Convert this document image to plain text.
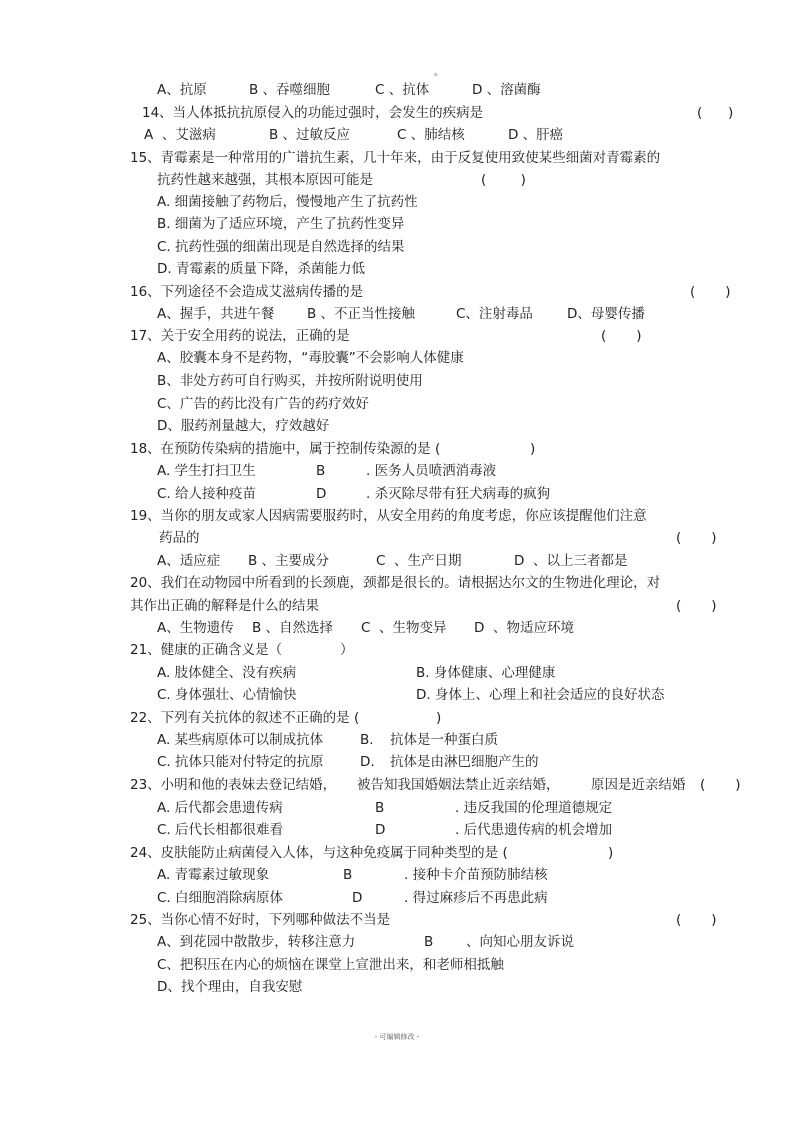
。
A、抗原	B 、吞噬细胞	C 、抗体	D 、溶菌酶
14、当人体抵抗抗原侵入的功能过强时，会发生的疾病是	(      )
A  、艾滋病	B 、过敏反应	C 、肺结核	D 、肝癌
15、青霉素是一种常用的广谱抗生素，几十年来，由于反复使用致使某些细菌对青霉素的
抗药性越来越强，其根本原因可能是	(        )
A. 细菌接触了药物后，慢慢地产生了抗药性
B. 细菌为了适应环境，产生了抗药性变异
C. 抗药性强的细菌出现是自然选择的结果
D. 青霉素的质量下降，杀菌能力低
16、下列途径不会造成艾滋病传播的是	(       )
A、握手，共进午餐 B 、不正当性接触	C、注射毒品	D、母婴传播
17、关于安全用药的说法，正确的是	(       )
A、胶囊本身不是药物，“毒胶囊”不会影响人体健康
B、非处方药可自行购买，并按所附说明使用
C、广告的药比没有广告的药疗效好
D、服药剂量越大，疗效越好
18、在预防传染病的措施中，属于控制传染源的是 (	)
A. 学生打扫卫生	B	. 医务人员喷洒消毒液
C. 给人接种疫苗	D	. 杀灭除尽带有狂犬病毒的疯狗
19、当你的朋友或家人因病需要服药时，从安全用药的角度考虑，你应该提醒他们注意
药品的	(       )
A、适应症 B 、主要成分	C  、生产日期	D  、以上三者都是
20、我们在动物园中所看到的长颈鹿，颈都是很长的。请根据达尔文的生物进化理论，对
其作出正确的解释是什么的结果	(       )
A、生物遗传 B 、自然选择 C  、生物变异 D  、物适应环境
21、健康的正确含义是（	）
A. 肢体健全、没有疾病	B. 身体健康、心理健康
C. 身体强壮、心情愉快	D. 身体上、心理上和社会适应的良好状态
22、下列有关抗体的叙述不正确的是 (	)
A. 某些病原体可以制成抗体	B. 抗体是一种蛋白质
C. 抗体只能对付特定的抗原	D. 抗体是由淋巴细胞产生的
23、小明和他的表妹去登记结婚， 被告知我国婚姻法禁止近亲结婚， 原因是近亲结婚 (       )
A. 后代都会患遗传病	B	. 违反我国的伦理道德规定
C. 后代长相都很难看	D	. 后代患遗传病的机会增加
24、皮肤能防止病菌侵入人体，与这种免疫属于同种类型的是 (	)
A. 青霉素过敏现象	B	. 接种卡介苗预防肺结核
C. 白细胞消除病原体	D	. 得过麻疹后不再患此病
25、当你心情不好时，下列哪种做法不当是	(       )
A、到花园中散散步，转移注意力	B 、向知心朋友诉说
C、把积压在内心的烦恼在课堂上宣泄出来，和老师相抵触
D、找个理由，自我安慰
- 可编辑修改 -
